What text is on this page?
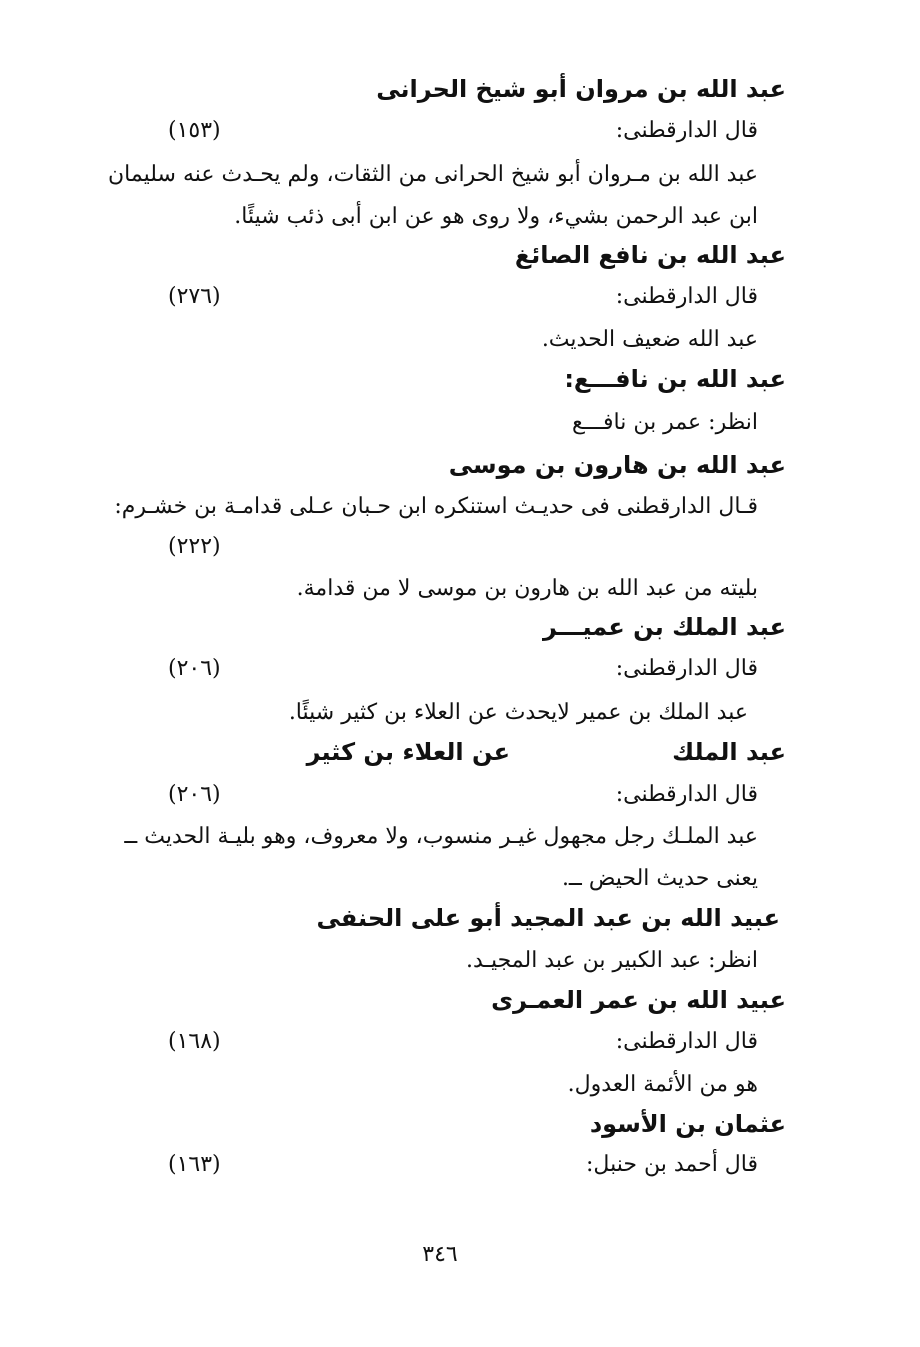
عبد الله بن مروان أبو شيخ الحرانى
قال الدارقطنى:
(١٥٣)
عبد الله بن مـروان أبو شيخ الحرانى من الثقات، ولم يحـدث عنه سليمان
ابن عبد الرحمن بشيء، ولا روى هو عن ابن أبى ذئب شيئًا.
عبد الله بن نافع الصائغ
قال الدارقطنى:
(٢٧٦)
عبد الله ضعيف الحديث.
عبد الله بن نافـــع:
انظر: عمر بن نافـــع
عبد الله بن هارون بن موسى
قـال الدارقطنى فى حديـث استنكره ابن حـبان عـلى قدامـة بن خشـرم:
(٢٢٢)
بليته من عبد الله بن هارون بن موسى لا من قدامة.
عبد الملك بن عميـــر
قال الدارقطنى:
(٢٠٦)
عبد الملك بن عمير لايحدث عن العلاء بن كثير شيئًا.
عبد الملك
عن العلاء بن كثير
قال الدارقطنى:
(٢٠٦)
عبد الملـك رجل مجهول غيـر منسوب، ولا معروف، وهو بليـة الحديث ــ
يعنى حديث الحيض ــ.
عبيد الله بن عبد المجيد أبو على الحنفى
انظر: عبد الكبير بن عبد المجيـد.
عبيد الله بن عمر العمـرى
قال الدارقطنى:
(١٦٨)
هو من الأئمة العدول.
عثمان بن الأسود
قال أحمد بن حنبل:
(١٦٣)
٣٤٦
